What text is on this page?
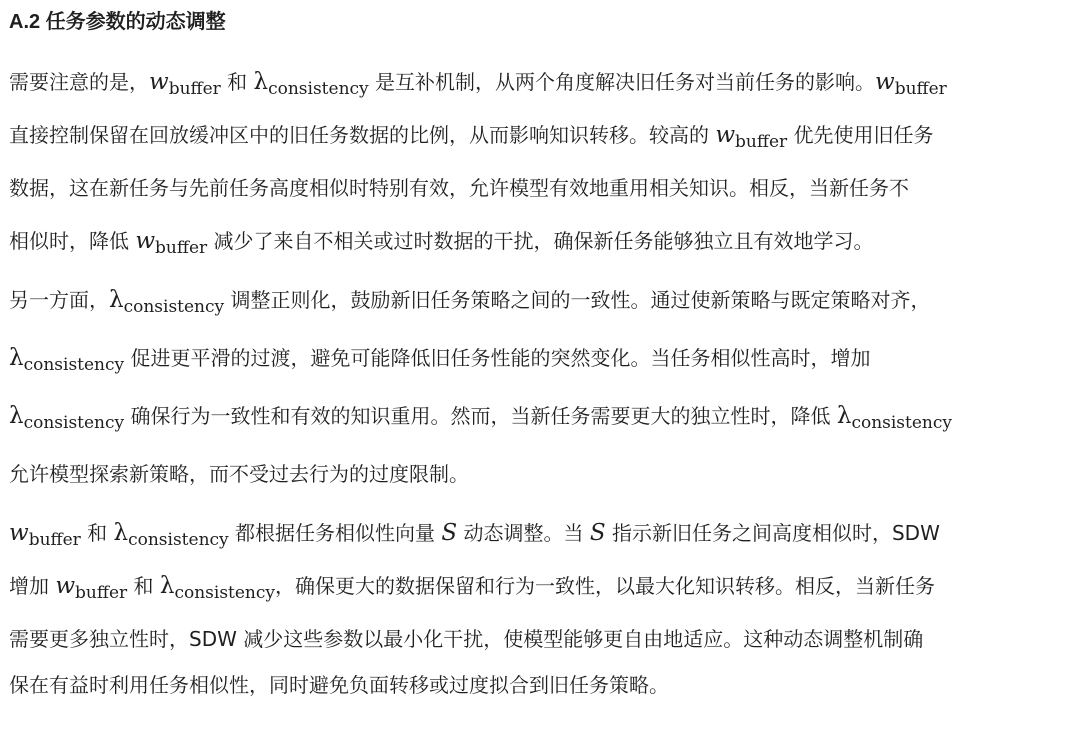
A.2 任务参数的动态调整

需要注意的是，$w_{buffer}$ 和 $\lambda_{consistency}$ 是互补机制，从两个角度解决旧任务对当前任务的影响。$w_{buffer}$
直接控制保留在回放缓冲区中的旧任务数据的比例，从而影响知识转移。较高的 $w_{buffer}$ 优先使用旧任务
数据，这在新任务与先前任务高度相似时特别有效，允许模型有效地重用相关知识。相反，当新任务不
相似时，降低 $w_{buffer}$ 减少了来自不相关或过时数据的干扰，确保新任务能够独立且有效地学习。

另一方面，$\lambda_{consistency}$ 调整正则化，鼓励新旧任务策略之间的一致性。通过使新策略与既定策略对齐，
$\lambda_{consistency}$ 促进更平滑的过渡，避免可能降低旧任务性能的突然变化。当任务相似性高时，增加
$\lambda_{consistency}$ 确保行为一致性和有效的知识重用。然而，当新任务需要更大的独立性时，降低 $\lambda_{consistency}$
允许模型探索新策略，而不受过去行为的过度限制。

$w_{buffer}$ 和 $\lambda_{consistency}$ 都根据任务相似性向量 S 动态调整。当 S 指示新旧任务之间高度相似时，SDW
增加 $w_{buffer}$ 和 $\lambda_{consistency}$，确保更大的数据保留和行为一致性，以最大化知识转移。相反，当新任务
需要更多独立性时，SDW 减少这些参数以最小化干扰，使模型能够更自由地适应。这种动态调整机制确
保在有益时利用任务相似性，同时避免负面转移或过度拟合到旧任务策略。
